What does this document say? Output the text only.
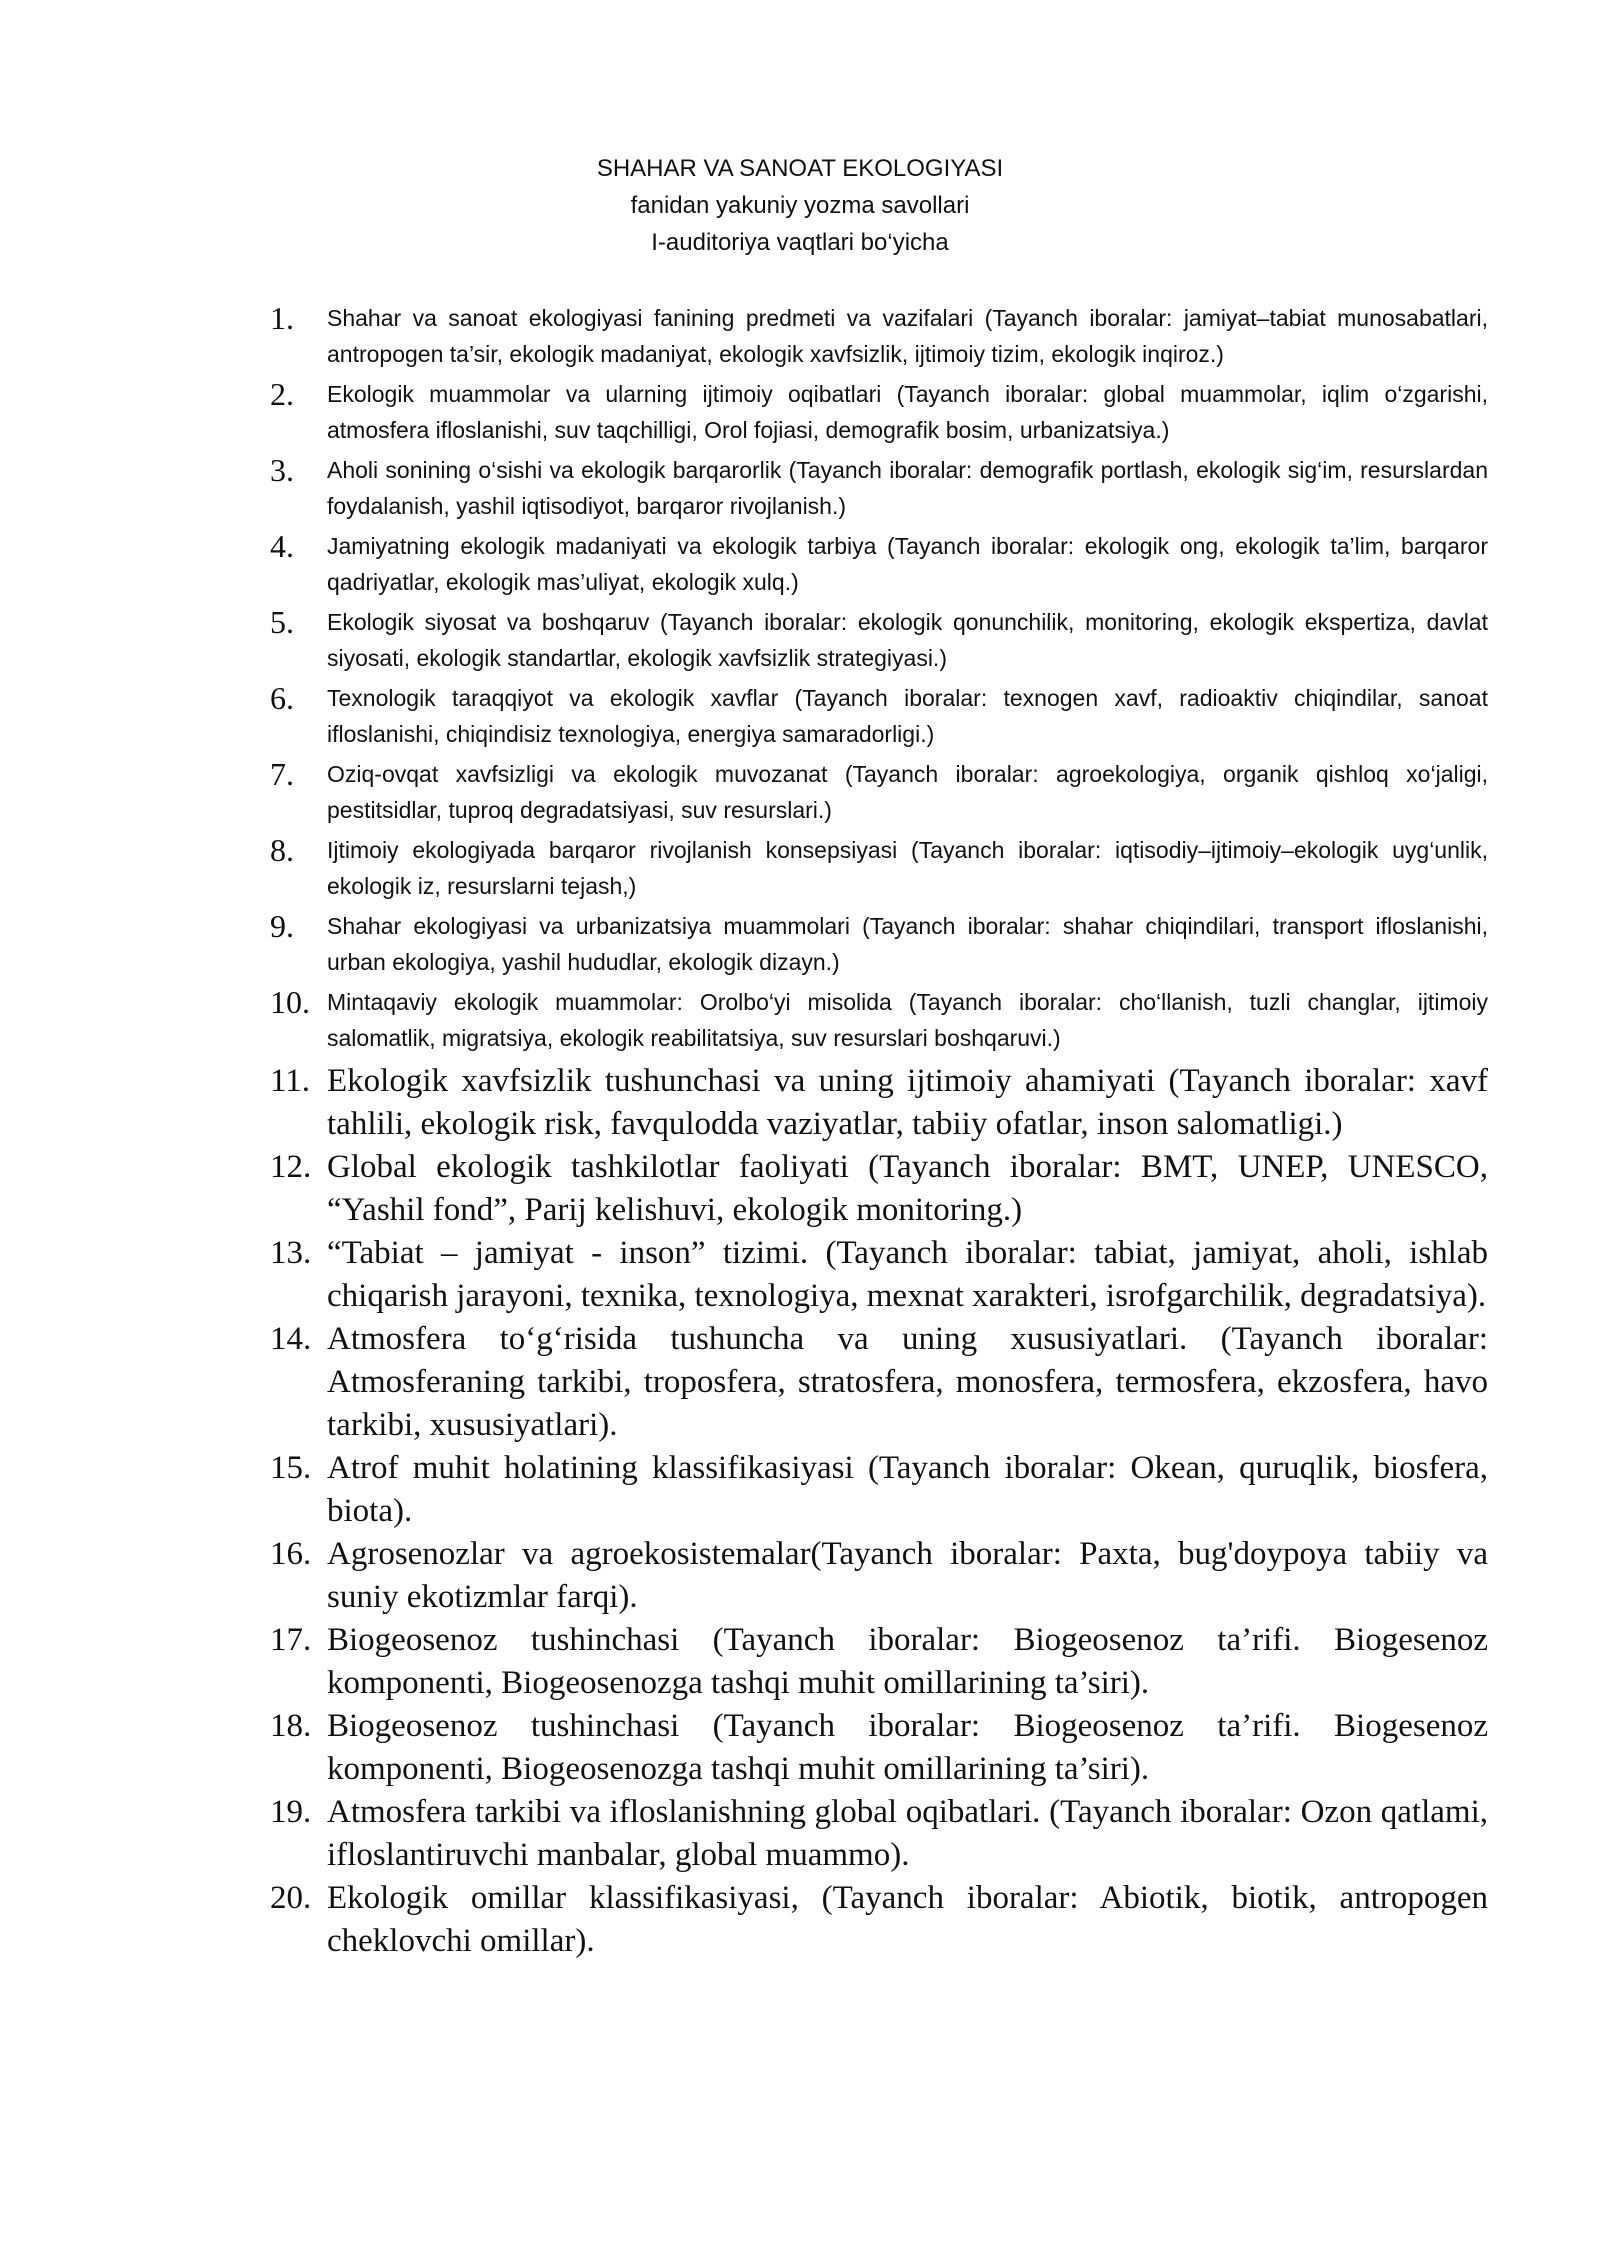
SHAHAR VA SANOAT EKOLOGIYASI
fanidan yakuniy yozma savollari
I-auditoriya vaqtlari bo‘yicha
1.	Shahar va sanoat ekologiyasi fanining predmeti va vazifalari (Tayanch iboralar: jamiyat–tabiat munosabatlari, antropogen ta’sir, ekologik madaniyat, ekologik xavfsizlik, ijtimoiy tizim, ekologik inqiroz.)
2.	Ekologik muammolar va ularning ijtimoiy oqibatlari (Tayanch iboralar: global muammolar, iqlim o‘zgarishi, atmosfera ifloslanishi, suv taqchilligi, Orol fojiasi, demografik bosim, urbanizatsiya.)
3.	Aholi sonining o‘sishi va ekologik barqarorlik (Tayanch iboralar: demografik portlash, ekologik sig‘im, resurslardan foydalanish, yashil iqtisodiyot, barqaror rivojlanish.)
4.	Jamiyatning ekologik madaniyati va ekologik tarbiya (Tayanch iboralar: ekologik ong, ekologik ta’lim, barqaror qadriyatlar, ekologik mas’uliyat, ekologik xulq.)
5.	Ekologik siyosat va boshqaruv (Tayanch iboralar: ekologik qonunchilik, monitoring, ekologik ekspertiza, davlat siyosati, ekologik standartlar, ekologik xavfsizlik strategiyasi.)
6.	Texnologik taraqqiyot va ekologik xavflar (Tayanch iboralar: texnogen xavf, radioaktiv chiqindilar, sanoat ifloslanishi, chiqindisiz texnologiya, energiya samaradorligi.)
7.	Oziq-ovqat xavfsizligi va ekologik muvozanat (Tayanch iboralar: agroekologiya, organik qishloq xo‘jaligi, pestitsidlar, tuproq degradatsiyasi, suv resurslari.)
8.	Ijtimoiy ekologiyada barqaror rivojlanish konsepsiyasi (Tayanch iboralar: iqtisodiy–ijtimoiy–ekologik uyg‘unlik, ekologik iz, resurslarni tejash,)
9.	Shahar ekologiyasi va urbanizatsiya muammolari (Tayanch iboralar: shahar chiqindilari, transport ifloslanishi, urban ekologiya, yashil hududlar, ekologik dizayn.)
10. Mintaqaviy ekologik muammolar: Orolbo‘yi misolida (Tayanch iboralar: cho‘llanish, tuzli changlar, ijtimoiy salomatlik, migratsiya, ekologik reabilitatsiya, suv resurslari boshqaruvi.)
11. Ekologik xavfsizlik tushunchasi va uning ijtimoiy ahamiyati (Tayanch iboralar: xavf tahlili, ekologik risk, favqulodda vaziyatlar, tabiiy ofatlar, inson salomatligi.)
12. Global ekologik tashkilotlar faoliyati (Tayanch iboralar: BMT, UNEP, UNESCO, “Yashil fond”, Parij kelishuvi, ekologik monitoring.)
13. “Tabiat – jamiyat - inson” tizimi. (Tayanch iboralar: tabiat, jamiyat, aholi, ishlab chiqarish jarayoni, texnika, texnologiya, mexnat xarakteri, isrofgarchilik, degradatsiya).
14. Atmosfera to‘g‘risida tushuncha va uning xususiyatlari. (Tayanch iboralar: Atmosferaning tarkibi, troposfera, stratosfera, monosfera, termosfera, ekzosfera, havo tarkibi, xususiyatlari).
15. Atrof muhit holatining klassifikasiyasi (Tayanch iboralar: Okean, quruqlik, biosfera, biota).
16. Agrosenozlar va agroekosistemalar(Tayanch iboralar: Paxta, bug'doypoya tabiiy va suniy ekotizmlar farqi).
17. Biogeosenoz tushinchasi (Tayanch iboralar: Biogeosenoz ta’rifi. Biogesenoz komponenti, Biogeosenozga tashqi muhit omillarining ta’siri).
18. Biogeosenoz tushinchasi (Tayanch iboralar: Biogeosenoz ta’rifi. Biogesenoz komponenti, Biogeosenozga tashqi muhit omillarining ta’siri).
19. Atmosfera tarkibi va ifloslanishning global oqibatlari. (Tayanch iboralar: Ozon qatlami, ifloslantiruvchi manbalar, global muammo).
20. Ekologik omillar klassifikasiyasi, (Tayanch iboralar: Abiotik, biotik, antropogen cheklovchi omillar).
